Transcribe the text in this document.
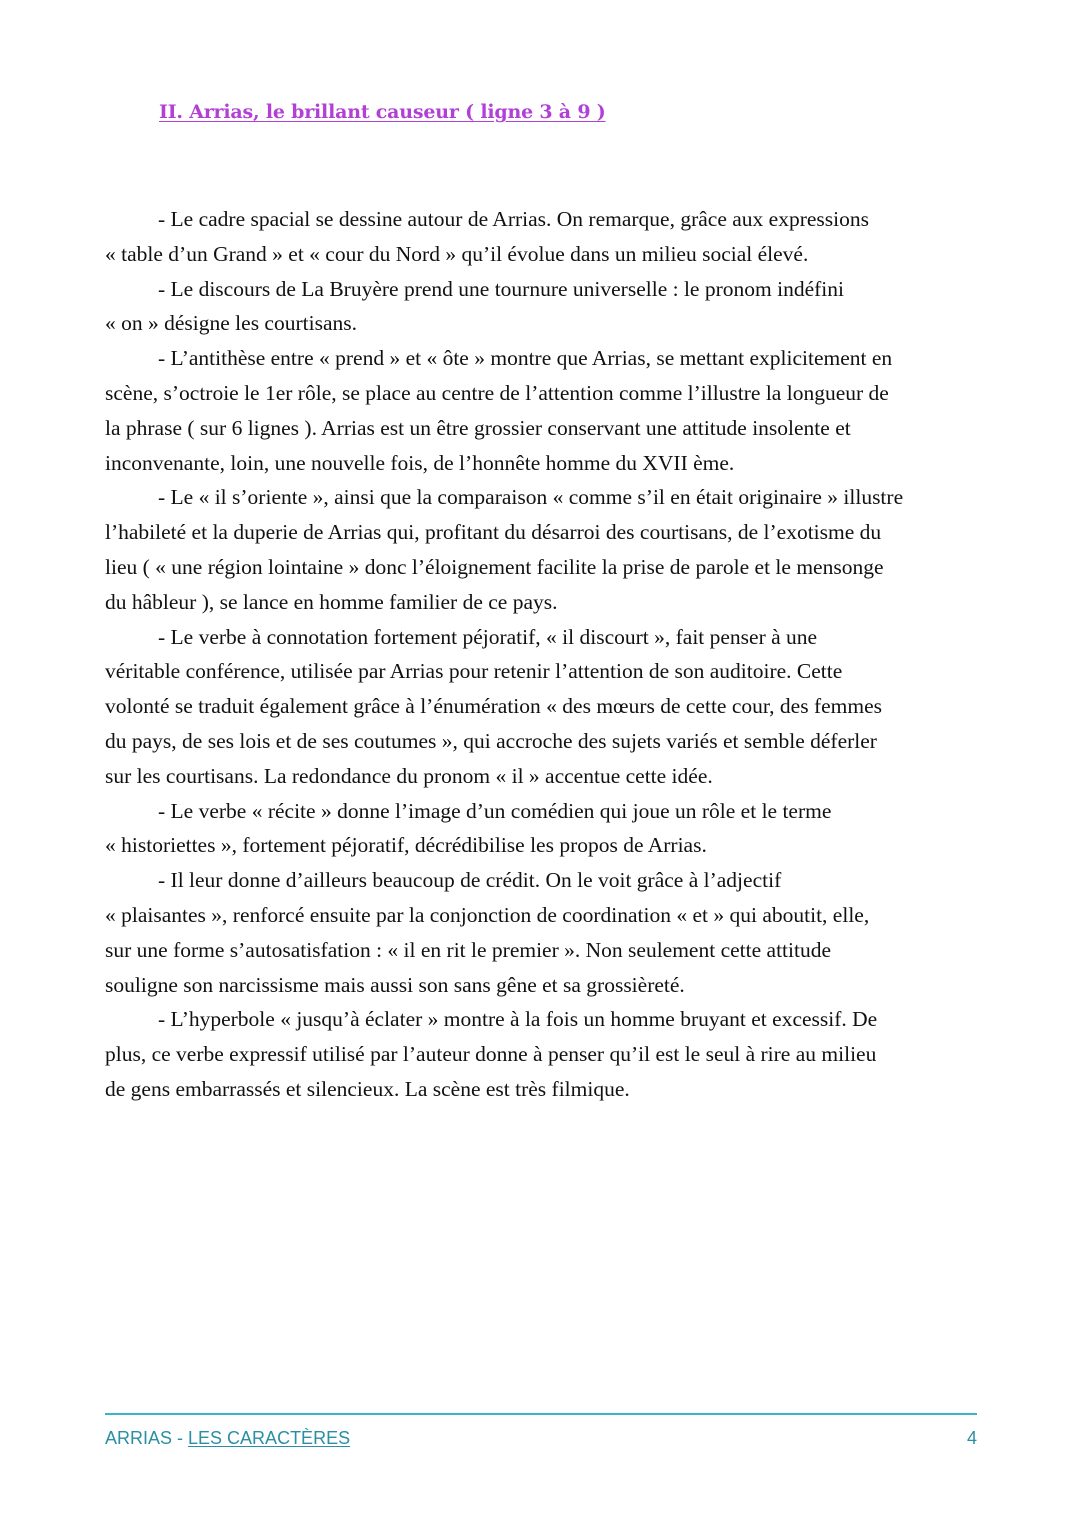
II. Arrias, le brillant causeur ( ligne 3 à 9 )
- Le cadre spacial se dessine autour de Arrias. On remarque, grâce aux expressions
« table d’un Grand » et « cour du Nord » qu’il évolue dans un milieu social élevé.
- Le discours de La Bruyère prend une tournure universelle : le pronom indéfini
« on » désigne les courtisans.
- L’antithèse entre « prend » et « ôte » montre que Arrias, se mettant explicitement en
scène, s’octroie le 1er rôle, se place au centre de l’attention comme l’illustre la longueur de
la phrase ( sur 6 lignes ). Arrias est un être grossier conservant une attitude insolente et
inconvenante, loin, une nouvelle fois, de l’honnête homme du XVII ème.
- Le « il s’oriente », ainsi que la comparaison « comme s’il en était originaire » illustre
l’habileté et la duperie de Arrias qui, profitant du désarroi des courtisans, de l’exotisme du
lieu ( « une région lointaine » donc l’éloignement facilite la prise de parole et le mensonge
du hâbleur ), se lance en homme familier de ce pays.
- Le verbe à connotation fortement péjoratif, « il discourt », fait penser à une
véritable conférence, utilisée par Arrias pour retenir l’attention de son auditoire. Cette
volonté se traduit également grâce à l’énumération « des mœurs de cette cour, des femmes
du pays, de ses lois et de ses coutumes », qui accroche des sujets variés et semble déferler
sur les courtisans. La redondance du pronom « il » accentue cette idée.
- Le verbe « récite » donne l’image d’un comédien qui joue un rôle et le terme
« historiettes », fortement péjoratif, décrédibilise les propos de Arrias.
- Il leur donne d’ailleurs beaucoup de crédit. On le voit grâce à l’adjectif
« plaisantes », renforcé ensuite par la conjonction de coordination « et » qui aboutit, elle,
sur une forme s’autosatisfation : « il en rit le premier ». Non seulement cette attitude
souligne son narcissisme mais aussi son sans gêne et sa grossièreté.
- L’hyperbole « jusqu’à éclater » montre à la fois un homme bruyant et excessif. De
plus, ce verbe expressif utilisé par l’auteur donne à penser qu’il est le seul à rire au milieu
de gens embarrassés et silencieux. La scène est très filmique.
ARRIAS - LES CARACTÈRES	4
